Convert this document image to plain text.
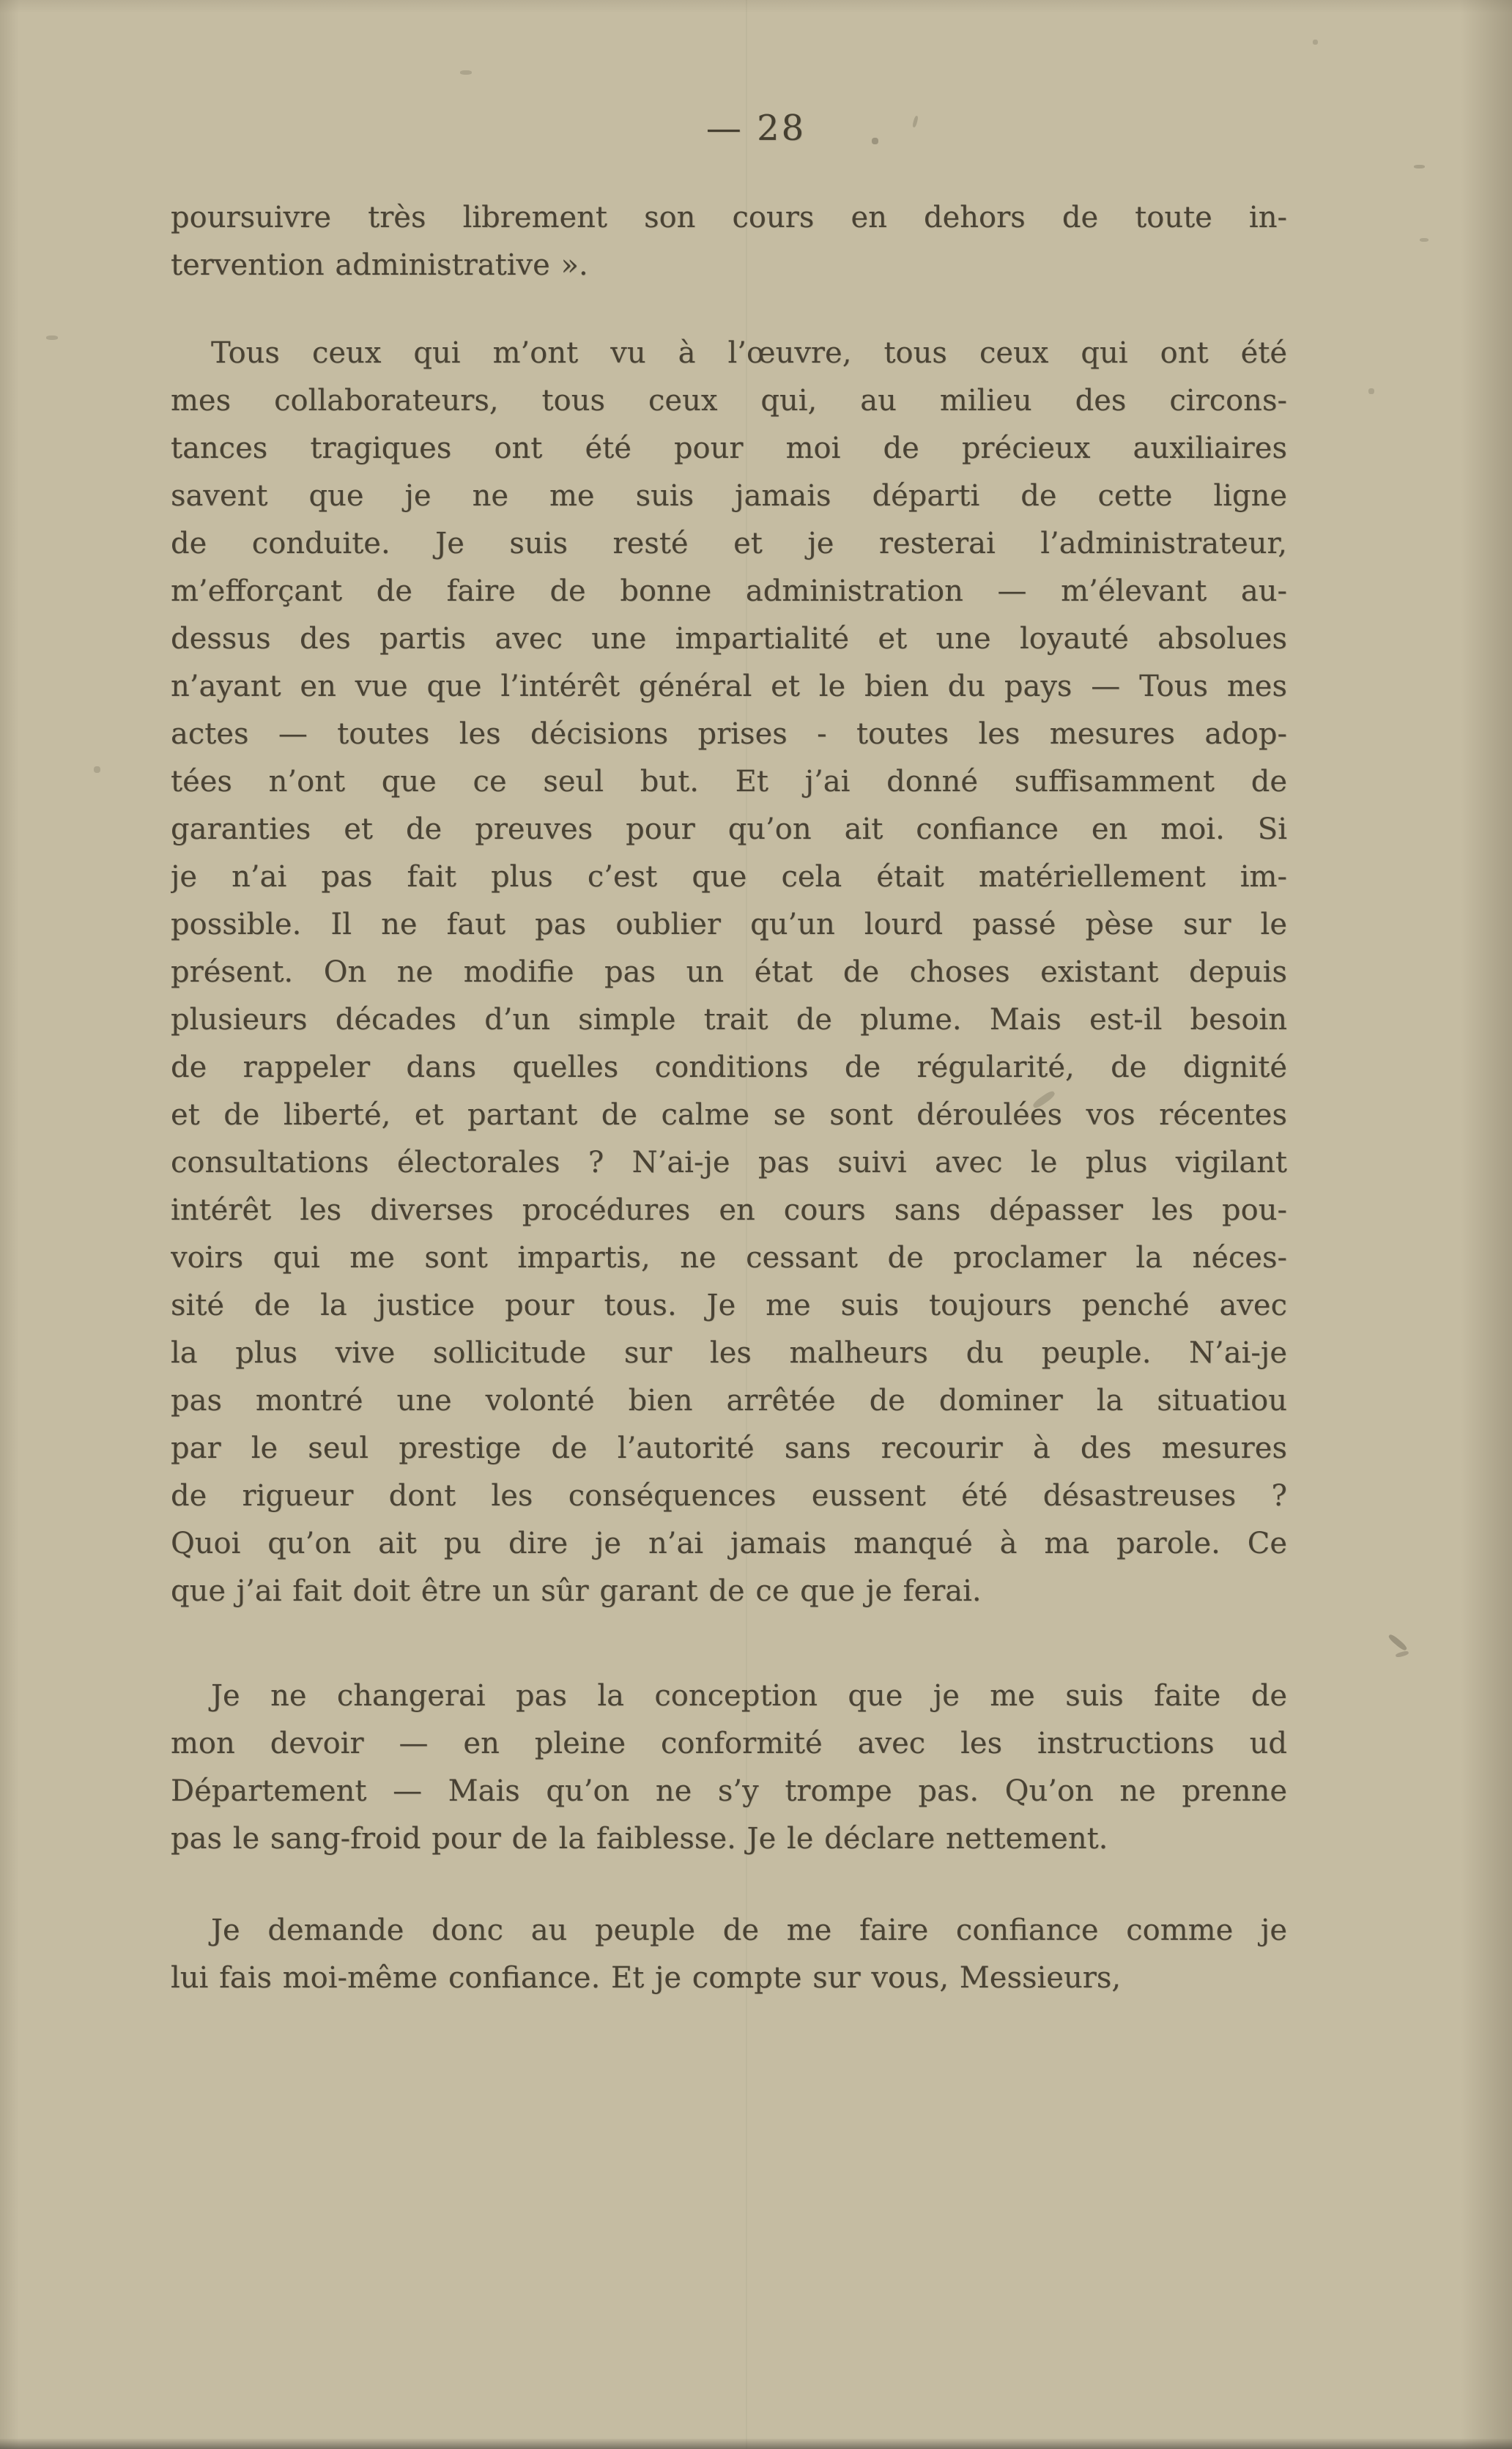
— 28
poursuivre très librement son cours en dehors de toute in-
tervention administrative ».
Tous ceux qui m’ont vu à l’œuvre, tous ceux qui ont été
mes collaborateurs, tous ceux qui, au milieu des circons-
tances tragiques ont été pour moi de précieux auxiliaires
savent que je ne me suis jamais départi de cette ligne
de conduite. Je suis resté et je resterai l’administrateur,
m’efforçant de faire de bonne administration — m’élevant au-
dessus des partis avec une impartialité et une loyauté absolues
n’ayant en vue que l’intérêt général et le bien du pays — Tous mes
actes — toutes les décisions prises - toutes les mesures adop-
tées n’ont que ce seul but. Et j’ai donné suffisamment de
garanties et de preuves pour qu’on ait confiance en moi. Si
je n’ai pas fait plus c’est que cela était matériellement im-
possible. Il ne faut pas oublier qu’un lourd passé pèse sur le
présent. On ne modifie pas un état de choses existant depuis
plusieurs décades d’un simple trait de plume. Mais est-il besoin
de rappeler dans quelles conditions de régularité, de dignité
et de liberté, et partant de calme se sont déroulées vos récentes
consultations électorales ? N’ai-je pas suivi avec le plus vigilant
intérêt les diverses procédures en cours sans dépasser les pou-
voirs qui me sont impartis, ne cessant de proclamer la néces-
sité de la justice pour tous. Je me suis toujours penché avec
la plus vive sollicitude sur les malheurs du peuple. N’ai-je
pas montré une volonté bien arrêtée de dominer la situatiou
par le seul prestige de l’autorité sans recourir à des mesures
de rigueur dont les conséquences eussent été désastreuses ?
Quoi qu’on ait pu dire je n’ai jamais manqué à ma parole. Ce
que j’ai fait doit être un sûr garant de ce que je ferai.
Je ne changerai pas la conception que je me suis faite de
mon devoir — en pleine conformité avec les instructions ud
Département — Mais qu’on ne s’y trompe pas. Qu’on ne prenne
pas le sang-froid pour de la faiblesse. Je le déclare nettement.
Je demande donc au peuple de me faire confiance comme je
lui fais moi-même confiance. Et je compte sur vous, Messieurs,
